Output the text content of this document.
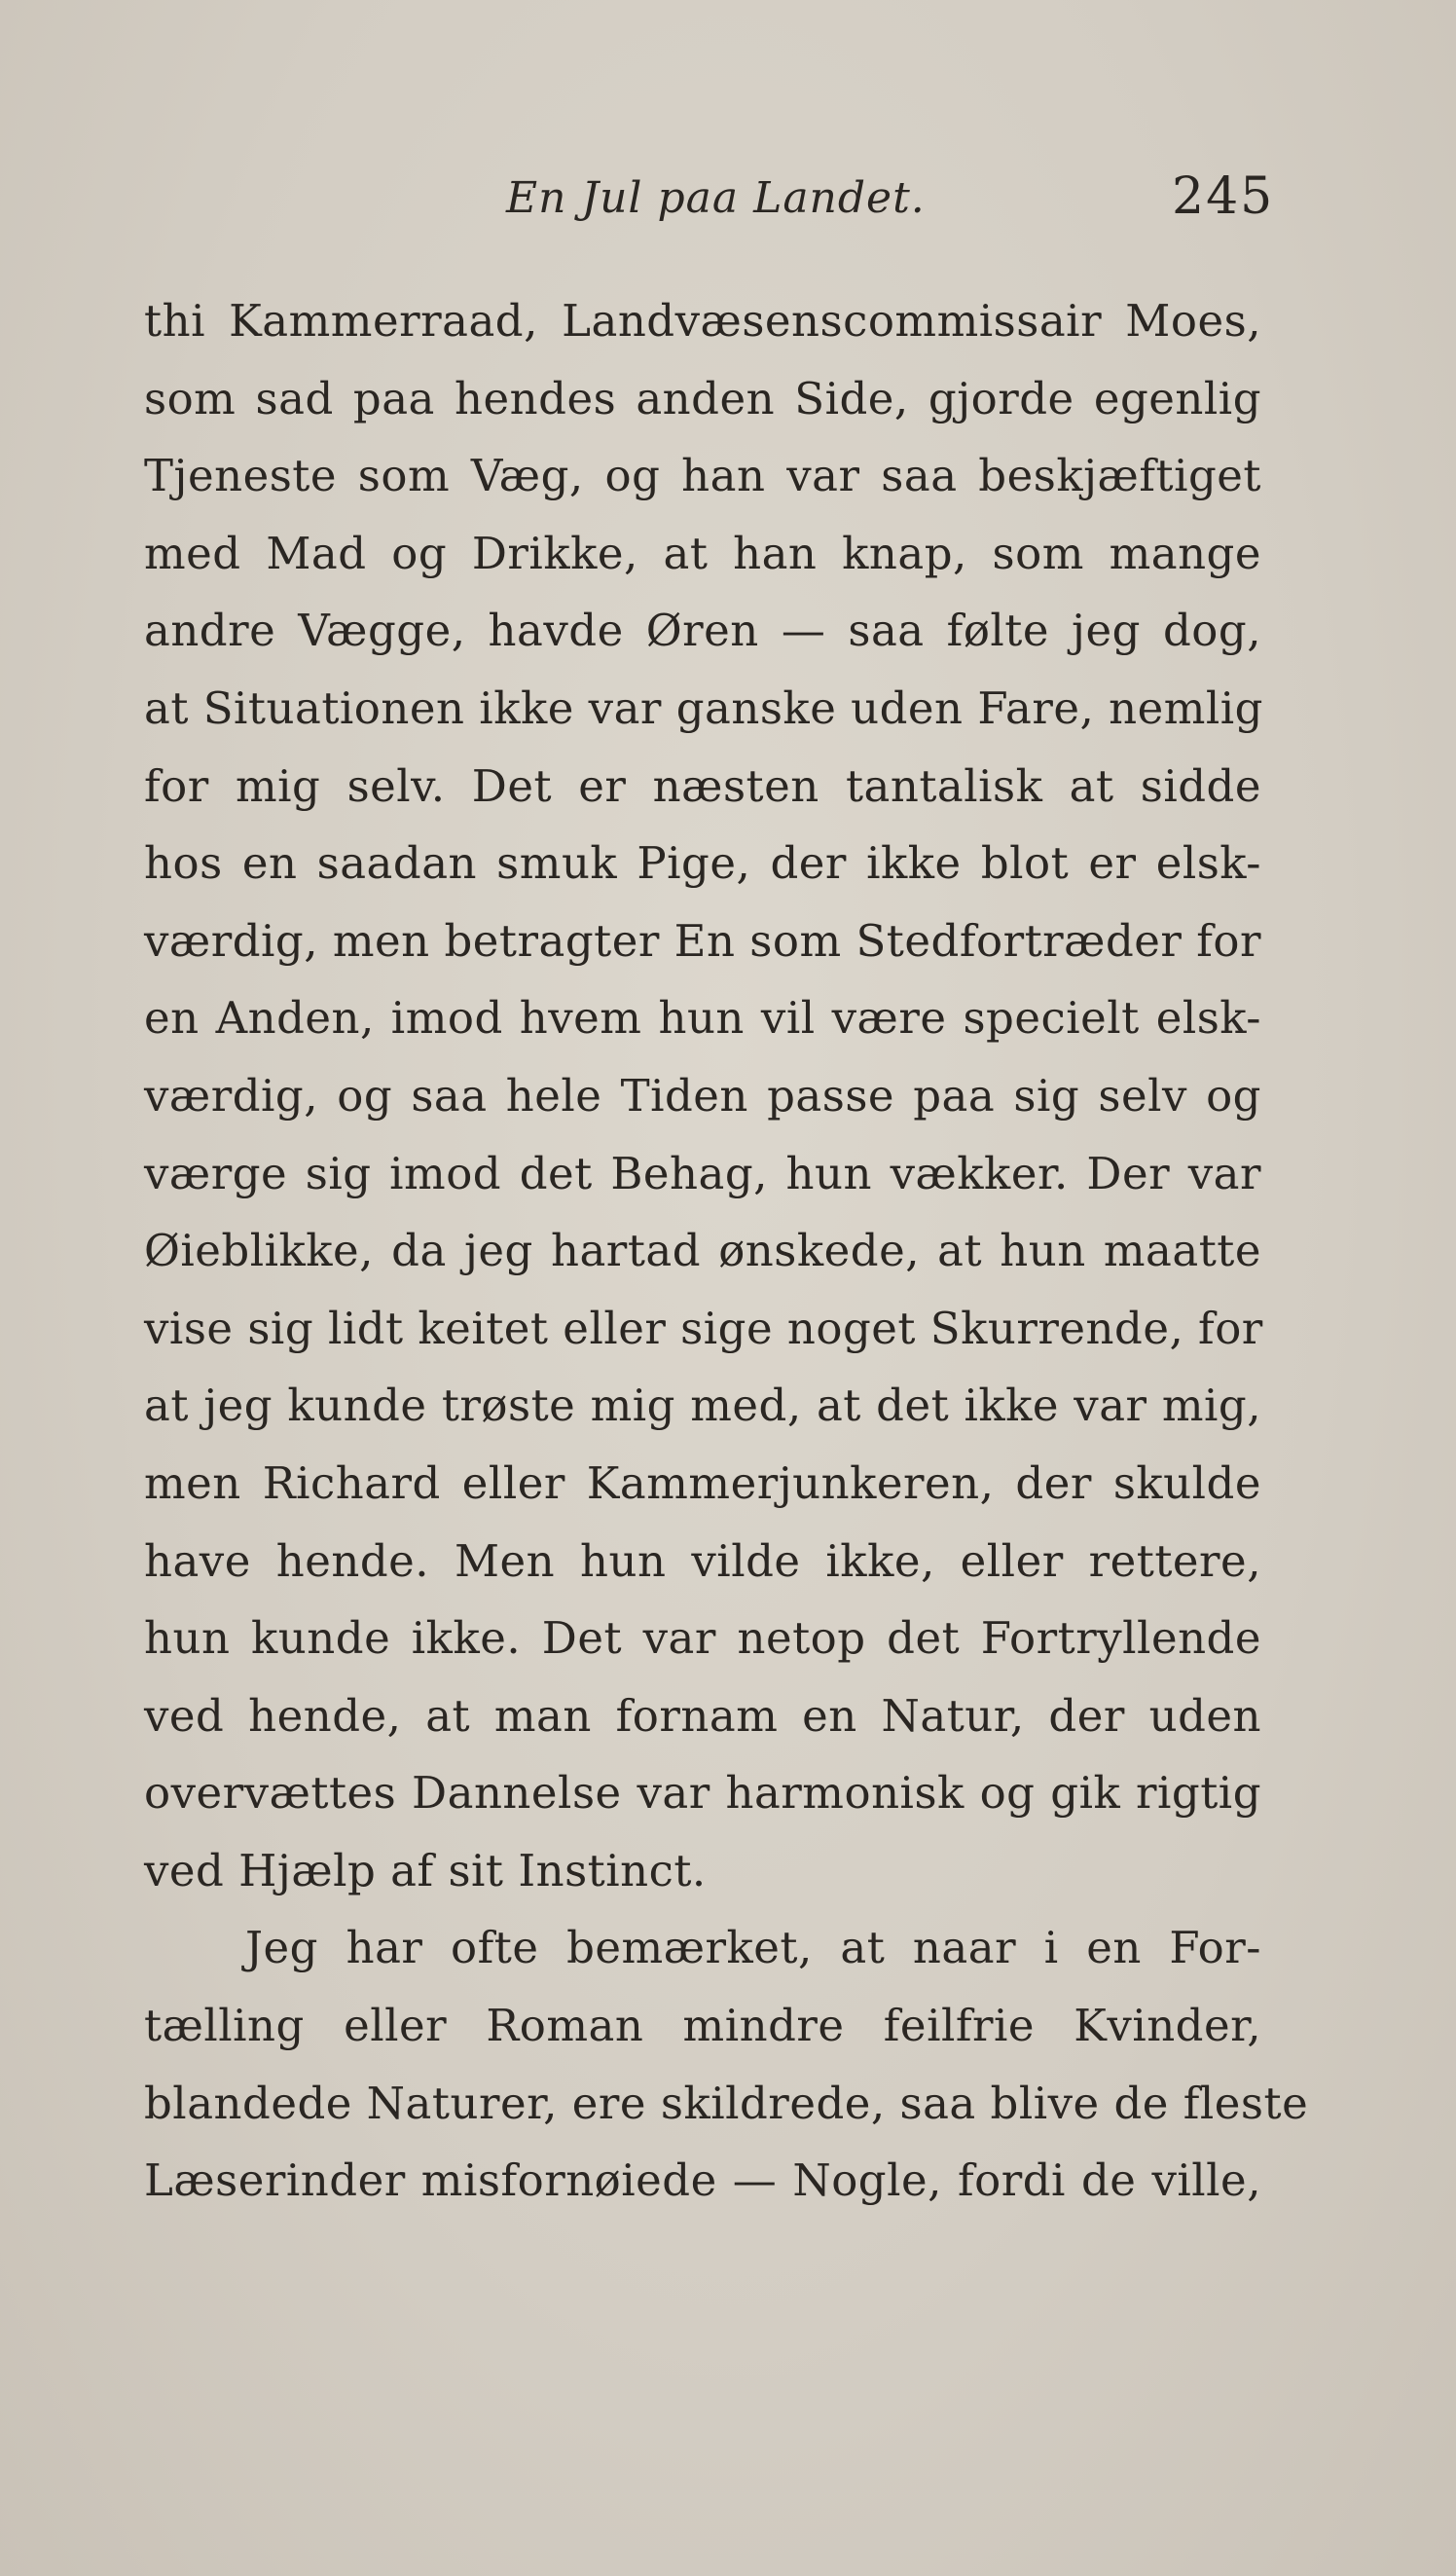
En Jul paa Landet.	245
thi Kammerraad, Landvæsenscommissair Moes,
som sad paa hendes anden Side, gjorde egenlig
Tjeneste som Væg, og han var saa beskjæftiget
med Mad og Drikke, at han knap, som mange
andre Vægge, havde Øren — saa følte jeg dog,
at Situationen ikke var ganske uden Fare, nemlig
for mig selv. Det er næsten tantalisk at sidde
hos en saadan smuk Pige, der ikke blot er elsk-
værdig, men betragter En som Stedfortræder for
en Anden, imod hvem hun vil være specielt elsk-
værdig, og saa hele Tiden passe paa sig selv og
værge sig imod det Behag, hun vækker. Der var
Øieblikke, da jeg hartad ønskede, at hun maatte
vise sig lidt keitet eller sige noget Skurrende, for
at jeg kunde trøste mig med, at det ikke var mig,
men Richard eller Kammerjunkeren, der skulde
have hende. Men hun vilde ikke, eller rettere,
hun kunde ikke. Det var netop det Fortryllende
ved hende, at man fornam en Natur, der uden
overvættes Dannelse var harmonisk og gik rigtig
ved Hjælp af sit Instinct.
Jeg har ofte bemærket, at naar i en For-
tælling eller Roman mindre feilfrie Kvinder,
blandede Naturer, ere skildrede, saa blive de fleste
Læserinder misfornøiede — Nogle, fordi de ville,
